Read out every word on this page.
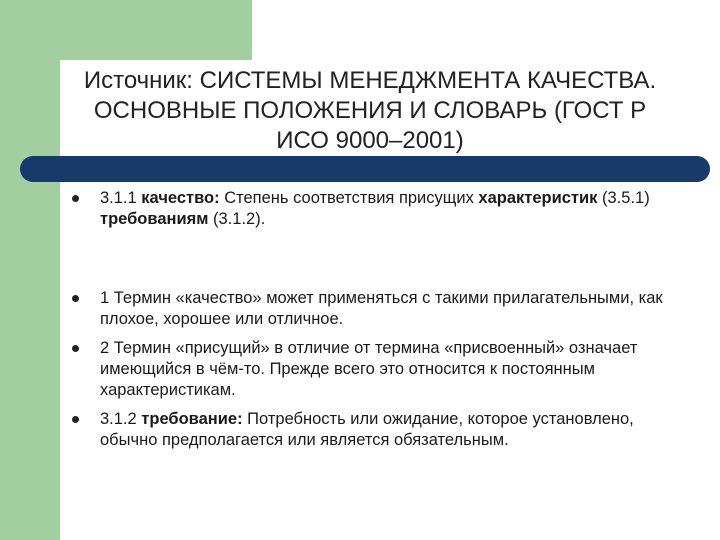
Источник: СИСТЕМЫ МЕНЕДЖМЕНТА КАЧЕСТВА. ОСНОВНЫЕ ПОЛОЖЕНИЯ И СЛОВАРЬ (ГОСТ Р ИСО 9000–2001)
3.1.1 качество: Степень соответствия присущих характеристик (3.5.1) требованиям (3.1.2).
1 Термин «качество» может применяться с такими прилагательными, как плохое, хорошее или отличное.
2 Термин «присущий» в отличие от термина «присвоенный» означает имеющийся в чём-то. Прежде всего это относится к постоянным характеристикам.
3.1.2 требование: Потребность или ожидание, которое установлено, обычно предполагается или является обязательным.
